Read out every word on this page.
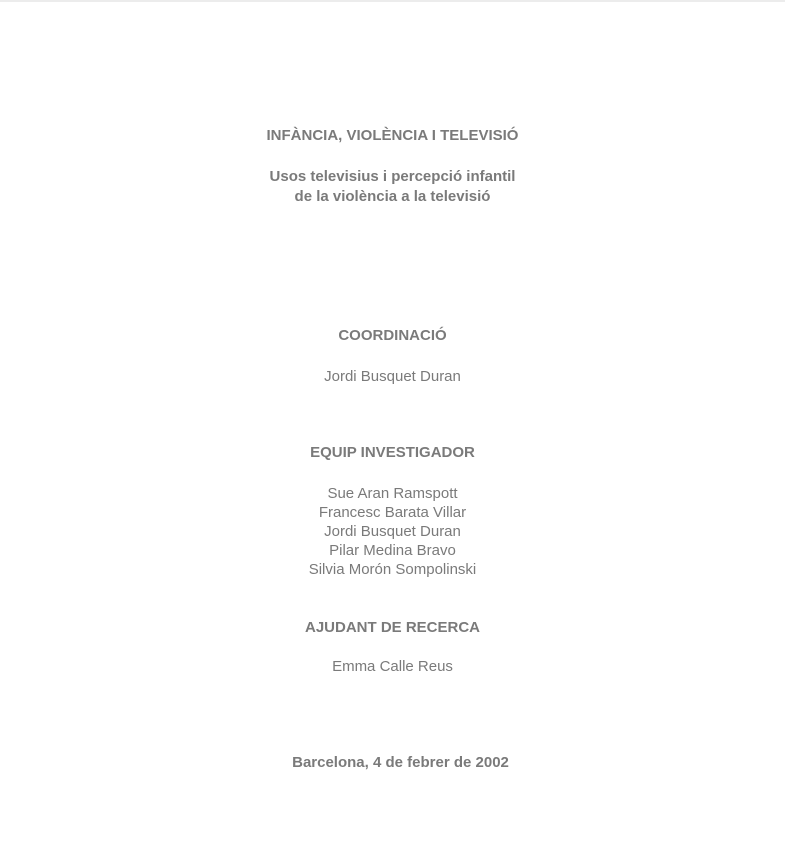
INFÀNCIA, VIOLÈNCIA I TELEVISIÓ
Usos televisius i percepció infantil
de la violència a la televisió
COORDINACIÓ
Jordi Busquet Duran
EQUIP INVESTIGADOR
Sue Aran Ramspott
Francesc Barata Villar
Jordi Busquet Duran
Pilar Medina Bravo
Silvia Morón Sompolinski
AJUDANT DE RECERCA
Emma Calle Reus
Barcelona, 4 de febrer de 2002
